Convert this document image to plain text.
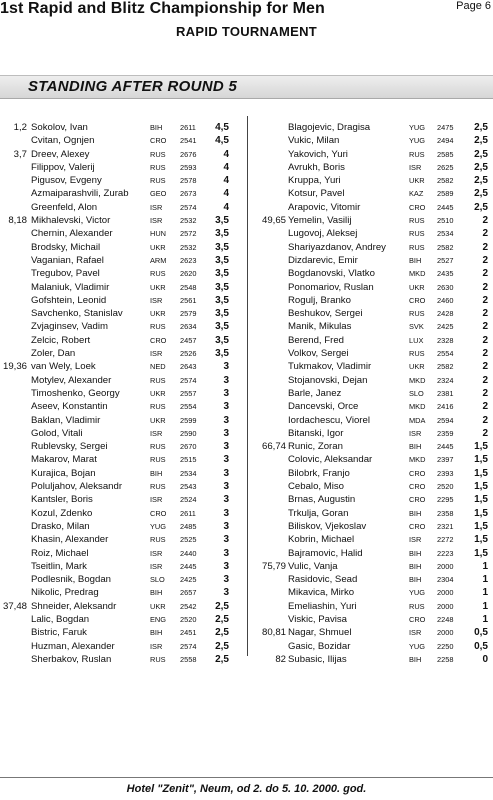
1st Rapid and Blitz Championship for Men	Page 6
RAPID TOURNAMENT
STANDING AFTER ROUND 5
1,2 Sokolov, Ivan	BIH 2611	4,5
Cvitan, Ognjen	CRO 2541	4,5
3,7 Dreev, Alexey	RUS 2676	4
Filippov, Valerij	RUS 2593	4
Pigusov, Evgeny	RUS 2578	4
Azmaiparashvili, Zurab	GEO 2673	4
Greenfeld, Alon	ISR 2574	4
8,18 Mikhalevski, Victor	ISR 2532	3,5
Chernin, Alexander	HUN 2572	3,5
Brodsky, Michail	UKR 2532	3,5
Vaganian, Rafael	ARM 2623	3,5
Tregubov, Pavel	RUS 2620	3,5
Malaniuk, Vladimir	UKR 2548	3,5
Gofshtein, Leonid	ISR 2561	3,5
Savchenko, Stanislav	UKR 2579	3,5
Zvjaginsev, Vadim	RUS 2634	3,5
Zelcic, Robert	CRO 2457	3,5
Zoler, Dan	ISR 2526	3,5
19,36 van Wely, Loek	NED 2643	3
Motylev, Alexander	RUS 2574	3
Timoshenko, Georgy	UKR 2557	3
Aseev, Konstantin	RUS 2554	3
Baklan, Vladimir	UKR 2599	3
Golod, Vitali	ISR 2590	3
Rublevsky, Sergei	RUS 2670	3
Makarov, Marat	RUS 2515	3
Kurajica, Bojan	BIH 2534	3
Poluljahov, Aleksandr	RUS 2543	3
Kantsler, Boris	ISR 2524	3
Kozul, Zdenko	CRO 2611	3
Drasko, Milan	YUG 2485	3
Khasin, Alexander	RUS 2525	3
Roiz, Michael	ISR 2440	3
Tseitlin, Mark	ISR 2445	3
Podlesnik, Bogdan	SLO 2425	3
Nikolic, Predrag	BIH 2657	3
37,48 Shneider, Aleksandr	UKR 2542	2,5
Lalic, Bogdan	ENG 2520	2,5
Bistric, Faruk	BIH 2451	2,5
Huzman, Alexander	ISR 2574	2,5
Sherbakov, Ruslan	RUS 2558	2,5
Blagojevic, Dragisa	YUG 2475	2,5
Vukic, Milan	YUG 2494	2,5
Yakovich, Yuri	RUS 2585	2,5
Avrukh, Boris	ISR 2625	2,5
Kruppa, Yuri	UKR 2582	2,5
Kotsur, Pavel	KAZ 2589	2,5
Arapovic, Vitomir	CRO 2445	2,5
49,65 Yemelin, Vasilij	RUS 2510	2
Lugovoj, Aleksej	RUS 2534	2
Shariyazdanov, Andrey	RUS 2582	2
Dizdarevic, Emir	BIH 2527	2
Bogdanovski, Vlatko	MKD 2435	2
Ponomariov, Ruslan	UKR 2630	2
Rogulj, Branko	CRO 2460	2
Beshukov, Sergei	RUS 2428	2
Manik, Mikulas	SVK 2425	2
Berend, Fred	LUX 2328	2
Volkov, Sergei	RUS 2554	2
Tukmakov, Vladimir	UKR 2582	2
Stojanovski, Dejan	MKD 2324	2
Barle, Janez	SLO 2381	2
Dancevski, Orce	MKD 2416	2
Iordachescu, Viorel	MDA 2594	2
Bitanski, Igor	ISR 2359	2
66,74 Runic, Zoran	BIH 2445	1,5
Colovic, Aleksandar	MKD 2397	1,5
Bilobrk, Franjo	CRO 2393	1,5
Cebalo, Miso	CRO 2520	1,5
Brnas, Augustin	CRO 2295	1,5
Trkulja, Goran	BIH 2358	1,5
Biliskov, Vjekoslav	CRO 2321	1,5
Kobrin, Michael	ISR 2272	1,5
Bajramovic, Halid	BIH 2223	1,5
75,79 Vulic, Vanja	BIH 2000	1
Rasidovic, Sead	BIH 2304	1
Mikavica, Mirko	YUG 2000	1
Emeliashin, Yuri	RUS 2000	1
Viskic, Pavisa	CRO 2248	1
80,81 Nagar, Shmuel	ISR 2000	0,5
Gasic, Bozidar	YUG 2250	0,5
82 Subasic, Ilijas	BIH 2258	0
Hotel "Zenit", Neum, od 2. do 5. 10. 2000. god.
